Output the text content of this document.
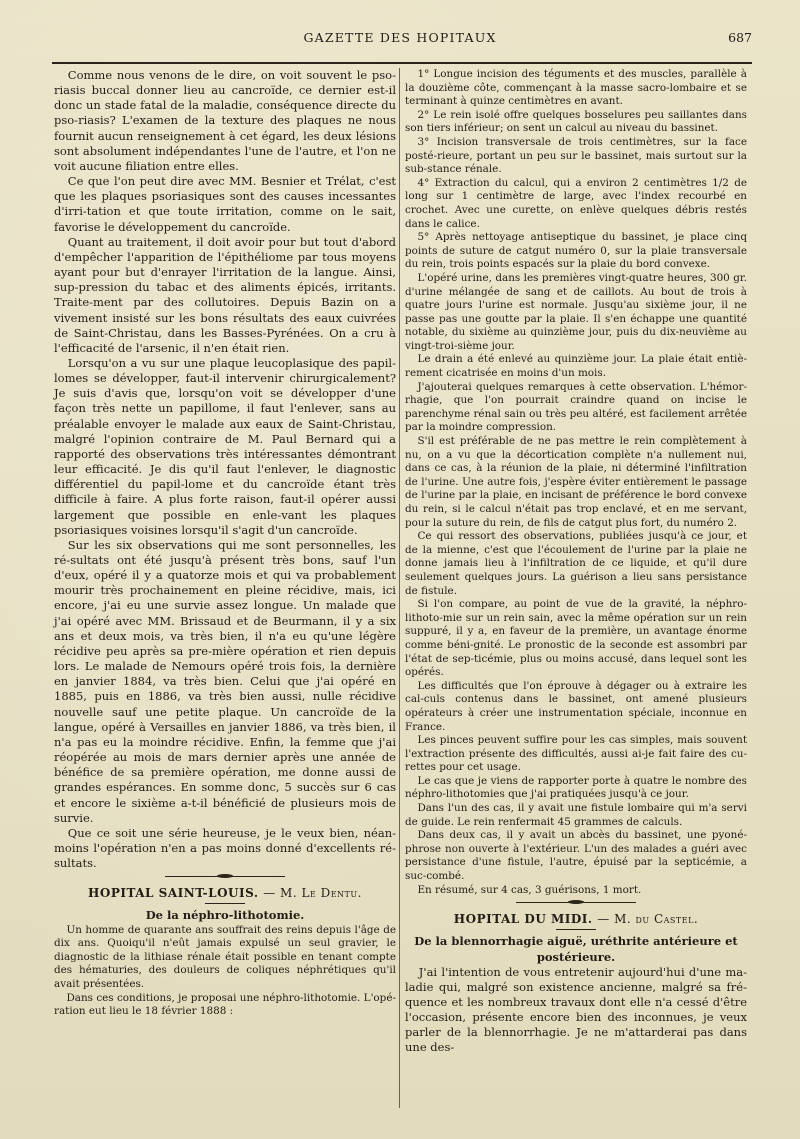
GAZETTE DES HOPITAUX	687

Comme nous venons de le dire, on voit souvent le pso-riasis buccal donner lieu au cancroïde, ce dernier est-il donc un stade fatal de la maladie, conséquence directe du pso-riasis? L'examen de la texture des plaques ne nous fournit aucun renseignement à cet égard, les deux lésions sont absolument indépendantes l'une de l'autre, et l'on ne voit aucune filiation entre elles.

Ce que l'on peut dire avec MM. Besnier et Trélat, c'est que les plaques psoriasiques sont des causes incessantes d'irri-tation et que toute irritation, comme on le sait, favorise le développement du cancroïde.

Quant au traitement, il doit avoir pour but tout d'abord d'empêcher l'apparition de l'épithéliome par tous moyens ayant pour but d'enrayer l'irritation de la langue. Ainsi, sup-pression du tabac et des aliments épicés, irritants. Traite-ment par des collutoires. Depuis Bazin on a vivement insisté sur les bons résultats des eaux cuivrées de Saint-Christau, dans les Basses-Pyrénées. On a cru à l'efficacité de l'arsenic, il n'en était rien.

Lorsqu'on a vu sur une plaque leucoplasique des papil-lomes se développer, faut-il intervenir chirurgicalement? Je suis d'avis que, lorsqu'on voit se développer d'une façon très nette un papillome, il faut l'enlever, sans au préalable envoyer le malade aux eaux de Saint-Christau, malgré l'opinion contraire de M. Paul Bernard qui a rapporté des observations très intéressantes démontrant leur efficacité. Je dis qu'il faut l'enlever, le diagnostic différentiel du papil-lome et du cancroïde étant très difficile à faire. A plus forte raison, faut-il opérer aussi largement que possible en enle-vant les plaques psoriasiques voisines lorsqu'il s'agit d'un cancroïde.

Sur les six observations qui me sont personnelles, les ré-sultats ont été jusqu'à présent très bons, sauf l'un d'eux, opéré il y a quatorze mois et qui va probablement mourir très prochainement en pleine récidive, mais, ici encore, j'ai eu une survie assez longue. Un malade que j'ai opéré avec MM. Brissaud et de Beurmann, il y a six ans et deux mois, va très bien, il n'a eu qu'une légère récidive peu après sa pre-mière opération et rien depuis lors. Le malade de Nemours opéré trois fois, la dernière en janvier 1884, va très bien. Celui que j'ai opéré en 1885, puis en 1886, va très bien aussi, nulle récidive nouvelle sauf une petite plaque. Un cancroïde de la langue, opéré à Versailles en janvier 1886, va très bien, il n'a pas eu la moindre récidive. Enfin, la femme que j'ai réopérée au mois de mars dernier après une année de bénéfice de sa première opération, me donne aussi de grandes espérances. En somme donc, 5 succès sur 6 cas et encore le sixième a-t-il bénéficié de plusieurs mois de survie.

Que ce soit une série heureuse, je le veux bien, néan-moins l'opération n'en a pas moins donné d'excellents ré-sultats.

HOPITAL SAINT-LOUIS. — M. Le Dentu.

De la néphro-lithotomie.

Un homme de quarante ans souffrait des reins depuis l'âge de dix ans. Quoiqu'il n'eût jamais expulsé un seul gravier, le diagnostic de la lithiase rénale était possible en tenant compte des hématuries, des douleurs de coliques néphrétiques qu'il avait présentées.

Dans ces conditions, je proposai une néphro-lithotomie. L'opé-ration eut lieu le 18 février 1888 :

1° Longue incision des téguments et des muscles, parallèle à la douzième côte, commençant à la masse sacro-lombaire et se terminant à quinze centimètres en avant.

2° Le rein isolé offre quelques bosselures peu saillantes dans son tiers inférieur; on sent un calcul au niveau du bassinet.

3° Incision transversale de trois centimètres, sur la face posté-rieure, portant un peu sur le bassinet, mais surtout sur la sub-stance rénale.

4° Extraction du calcul, qui a environ 2 centimètres 1/2 de long sur 1 centimètre de large, avec l'index recourbé en crochet. Avec une curette, on enlève quelques débris restés dans le calice.

5° Après nettoyage antiseptique du bassinet, je place cinq points de suture de catgut numéro 0, sur la plaie transversale du rein, trois points espacés sur la plaie du bord convexe.

L'opéré urine, dans les premières vingt-quatre heures, 300 gr. d'urine mélangée de sang et de caillots. Au bout de trois à quatre jours l'urine est normale. Jusqu'au sixième jour, il ne passe pas une goutte par la plaie. Il s'en échappe une quantité notable, du sixième au quinzième jour, puis du dix-neuvième au vingt-troi-sième jour.

Le drain a été enlevé au quinzième jour. La plaie était entiè-rement cicatrisée en moins d'un mois.

J'ajouterai quelques remarques à cette observation. L'hémor-rhagie, que l'on pourrait craindre quand on incise le parenchyme rénal sain ou très peu altéré, est facilement arrêtée par la moindre compression.

S'il est préférable de ne pas mettre le rein complètement à nu, on a vu que la décortication complète n'a nullement nui, dans ce cas, à la réunion de la plaie, ni déterminé l'infiltration de l'urine. Une autre fois, j'espère éviter entièrement le passage de l'urine par la plaie, en incisant de préférence le bord convexe du rein, si le calcul n'était pas trop enclavé, et en me servant, pour la suture du rein, de fils de catgut plus fort, du numéro 2.

Ce qui ressort des observations, publiées jusqu'à ce jour, et de la mienne, c'est que l'écoulement de l'urine par la plaie ne donne jamais lieu à l'infiltration de ce liquide, et qu'il dure seulement quelques jours. La guérison a lieu sans persistance de fistule.

Si l'on compare, au point de vue de la gravité, la néphro-lithoto-mie sur un rein sain, avec la même opération sur un rein suppuré, il y a, en faveur de la première, un avantage énorme comme béni-gnité. Le pronostic de la seconde est assombri par l'état de sep-ticémie, plus ou moins accusé, dans lequel sont les opérés.

Les difficultés que l'on éprouve à dégager ou à extraire les cal-culs contenus dans le bassinet, ont amené plusieurs opérateurs à créer une instrumentation spéciale, inconnue en France.

Les pinces peuvent suffire pour les cas simples, mais souvent l'extraction présente des difficultés, aussi ai-je fait faire des cu-rettes pour cet usage.

Le cas que je viens de rapporter porte à quatre le nombre des néphro-lithotomies que j'ai pratiquées jusqu'à ce jour.

Dans l'un des cas, il y avait une fistule lombaire qui m'a servi de guide. Le rein renfermait 45 grammes de calculs.

Dans deux cas, il y avait un abcès du bassinet, une pyoné-phrose non ouverte à l'extérieur. L'un des malades a guéri avec persistance d'une fistule, l'autre, épuisé par la septicémie, a suc-combé.

En résumé, sur 4 cas, 3 guérisons, 1 mort.

HOPITAL DU MIDI. — M. du Castel.

De la blennorrhagie aiguë, uréthrite antérieure et postérieure.

J'ai l'intention de vous entretenir aujourd'hui d'une ma-ladie qui, malgré son existence ancienne, malgré sa fré-quence et les nombreux travaux dont elle n'a cessé d'être l'occasion, présente encore bien des inconnues, je veux parler de la blennorrhagie. Je ne m'attarderai pas dans une des-
